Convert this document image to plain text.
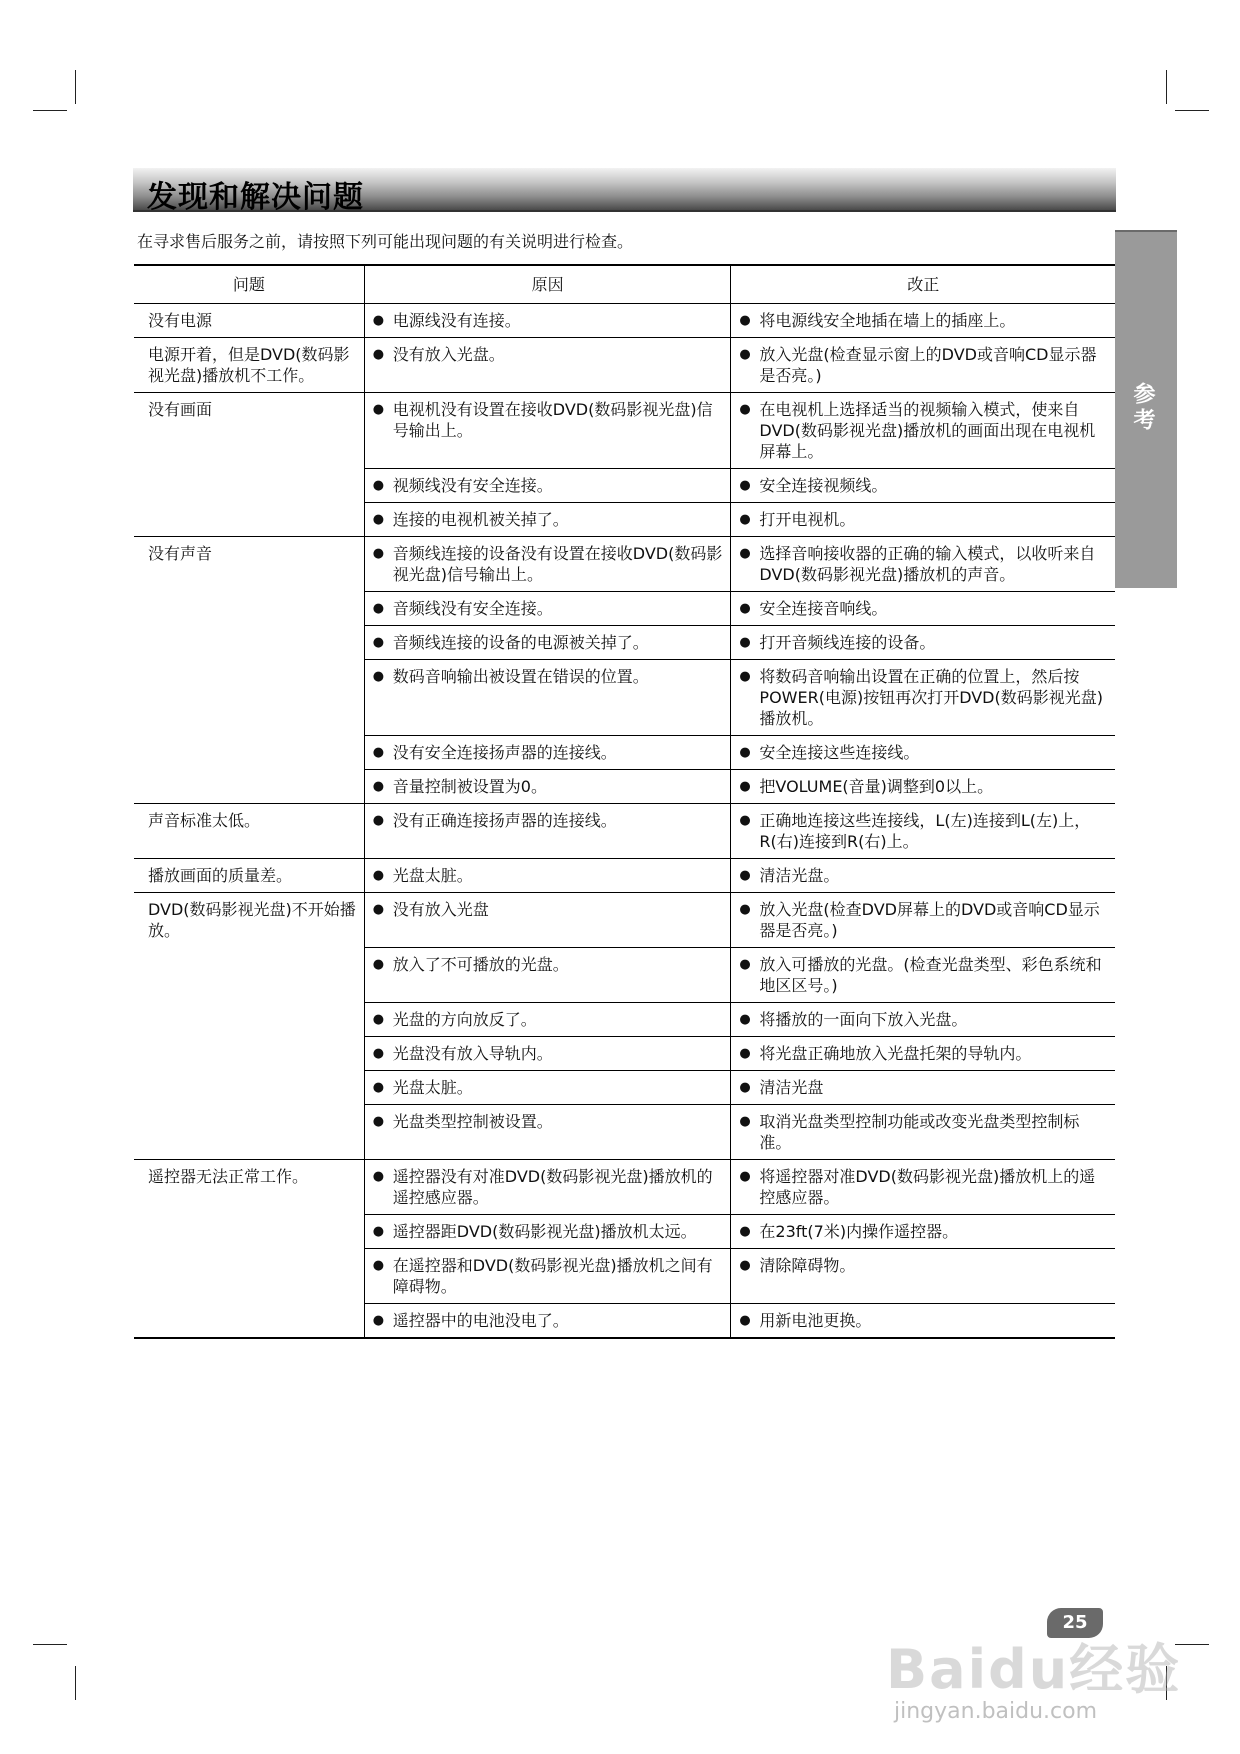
发现和解决问题
在寻求售后服务之前，请按照下列可能出现问题的有关说明进行检查。
参考
问题	原因	改正
没有电源	● 电源线没有连接。	● 将电源线安全地插在墙上的插座上。

电源开着，但是DVD(数码影视光盘)播放机不工作。	● 没有放入光盘。	● 放入光盘(检查显示窗上的DVD或音响CD显示器是否亮。)

没有画面	● 电视机没有设置在接收DVD(数码影视光盘)信号输出上。	● 在电视机上选择适当的视频输入模式，使来自DVD(数码影视光盘)播放机的画面出现在电视机屏幕上。

	● 视频线没有安全连接。	● 安全连接视频线。

	● 连接的电视机被关掉了。	● 打开电视机。

没有声音	● 音频线连接的设备没有设置在接收DVD(数码影视光盘)信号输出上。	● 选择音响接收器的正确的输入模式，以收听来自DVD(数码影视光盘)播放机的声音。

	● 音频线没有安全连接。	● 安全连接音响线。

	● 音频线连接的设备的电源被关掉了。	● 打开音频线连接的设备。

	● 数码音响输出被设置在错误的位置。	● 将数码音响输出设置在正确的位置上，然后按POWER(电源)按钮再次打开DVD(数码影视光盘)播放机。

	● 没有安全连接扬声器的连接线。	● 安全连接这些连接线。

	● 音量控制被设置为0。	● 把VOLUME(音量)调整到0以上。

声音标准太低。	● 没有正确连接扬声器的连接线。	● 正确地连接这些连接线，L(左)连接到L(左)上，R(右)连接到R(右)上。

播放画面的质量差。	● 光盘太脏。	● 清洁光盘。

DVD(数码影视光盘)不开始播放。	● 没有放入光盘	● 放入光盘(检查DVD屏幕上的DVD或音响CD显示器是否亮。)

	● 放入了不可播放的光盘。	● 放入可播放的光盘。(检查光盘类型、彩色系统和地区区号。)

	● 光盘的方向放反了。	● 将播放的一面向下放入光盘。

	● 光盘没有放入导轨内。	● 将光盘正确地放入光盘托架的导轨内。

	● 光盘太脏。	● 清洁光盘

	● 光盘类型控制被设置。	● 取消光盘类型控制功能或改变光盘类型控制标准。

遥控器无法正常工作。	● 遥控器没有对准DVD(数码影视光盘)播放机的遥控感应器。	● 将遥控器对准DVD(数码影视光盘)播放机上的遥控感应器。

	● 遥控器距DVD(数码影视光盘)播放机太远。	● 在23ft(7米)内操作遥控器。

	● 在遥控器和DVD(数码影视光盘)播放机之间有障碍物。	● 清除障碍物。

	● 遥控器中的电池没电了。	● 用新电池更换。
25
Baidu经验
jingyan.baidu.com
